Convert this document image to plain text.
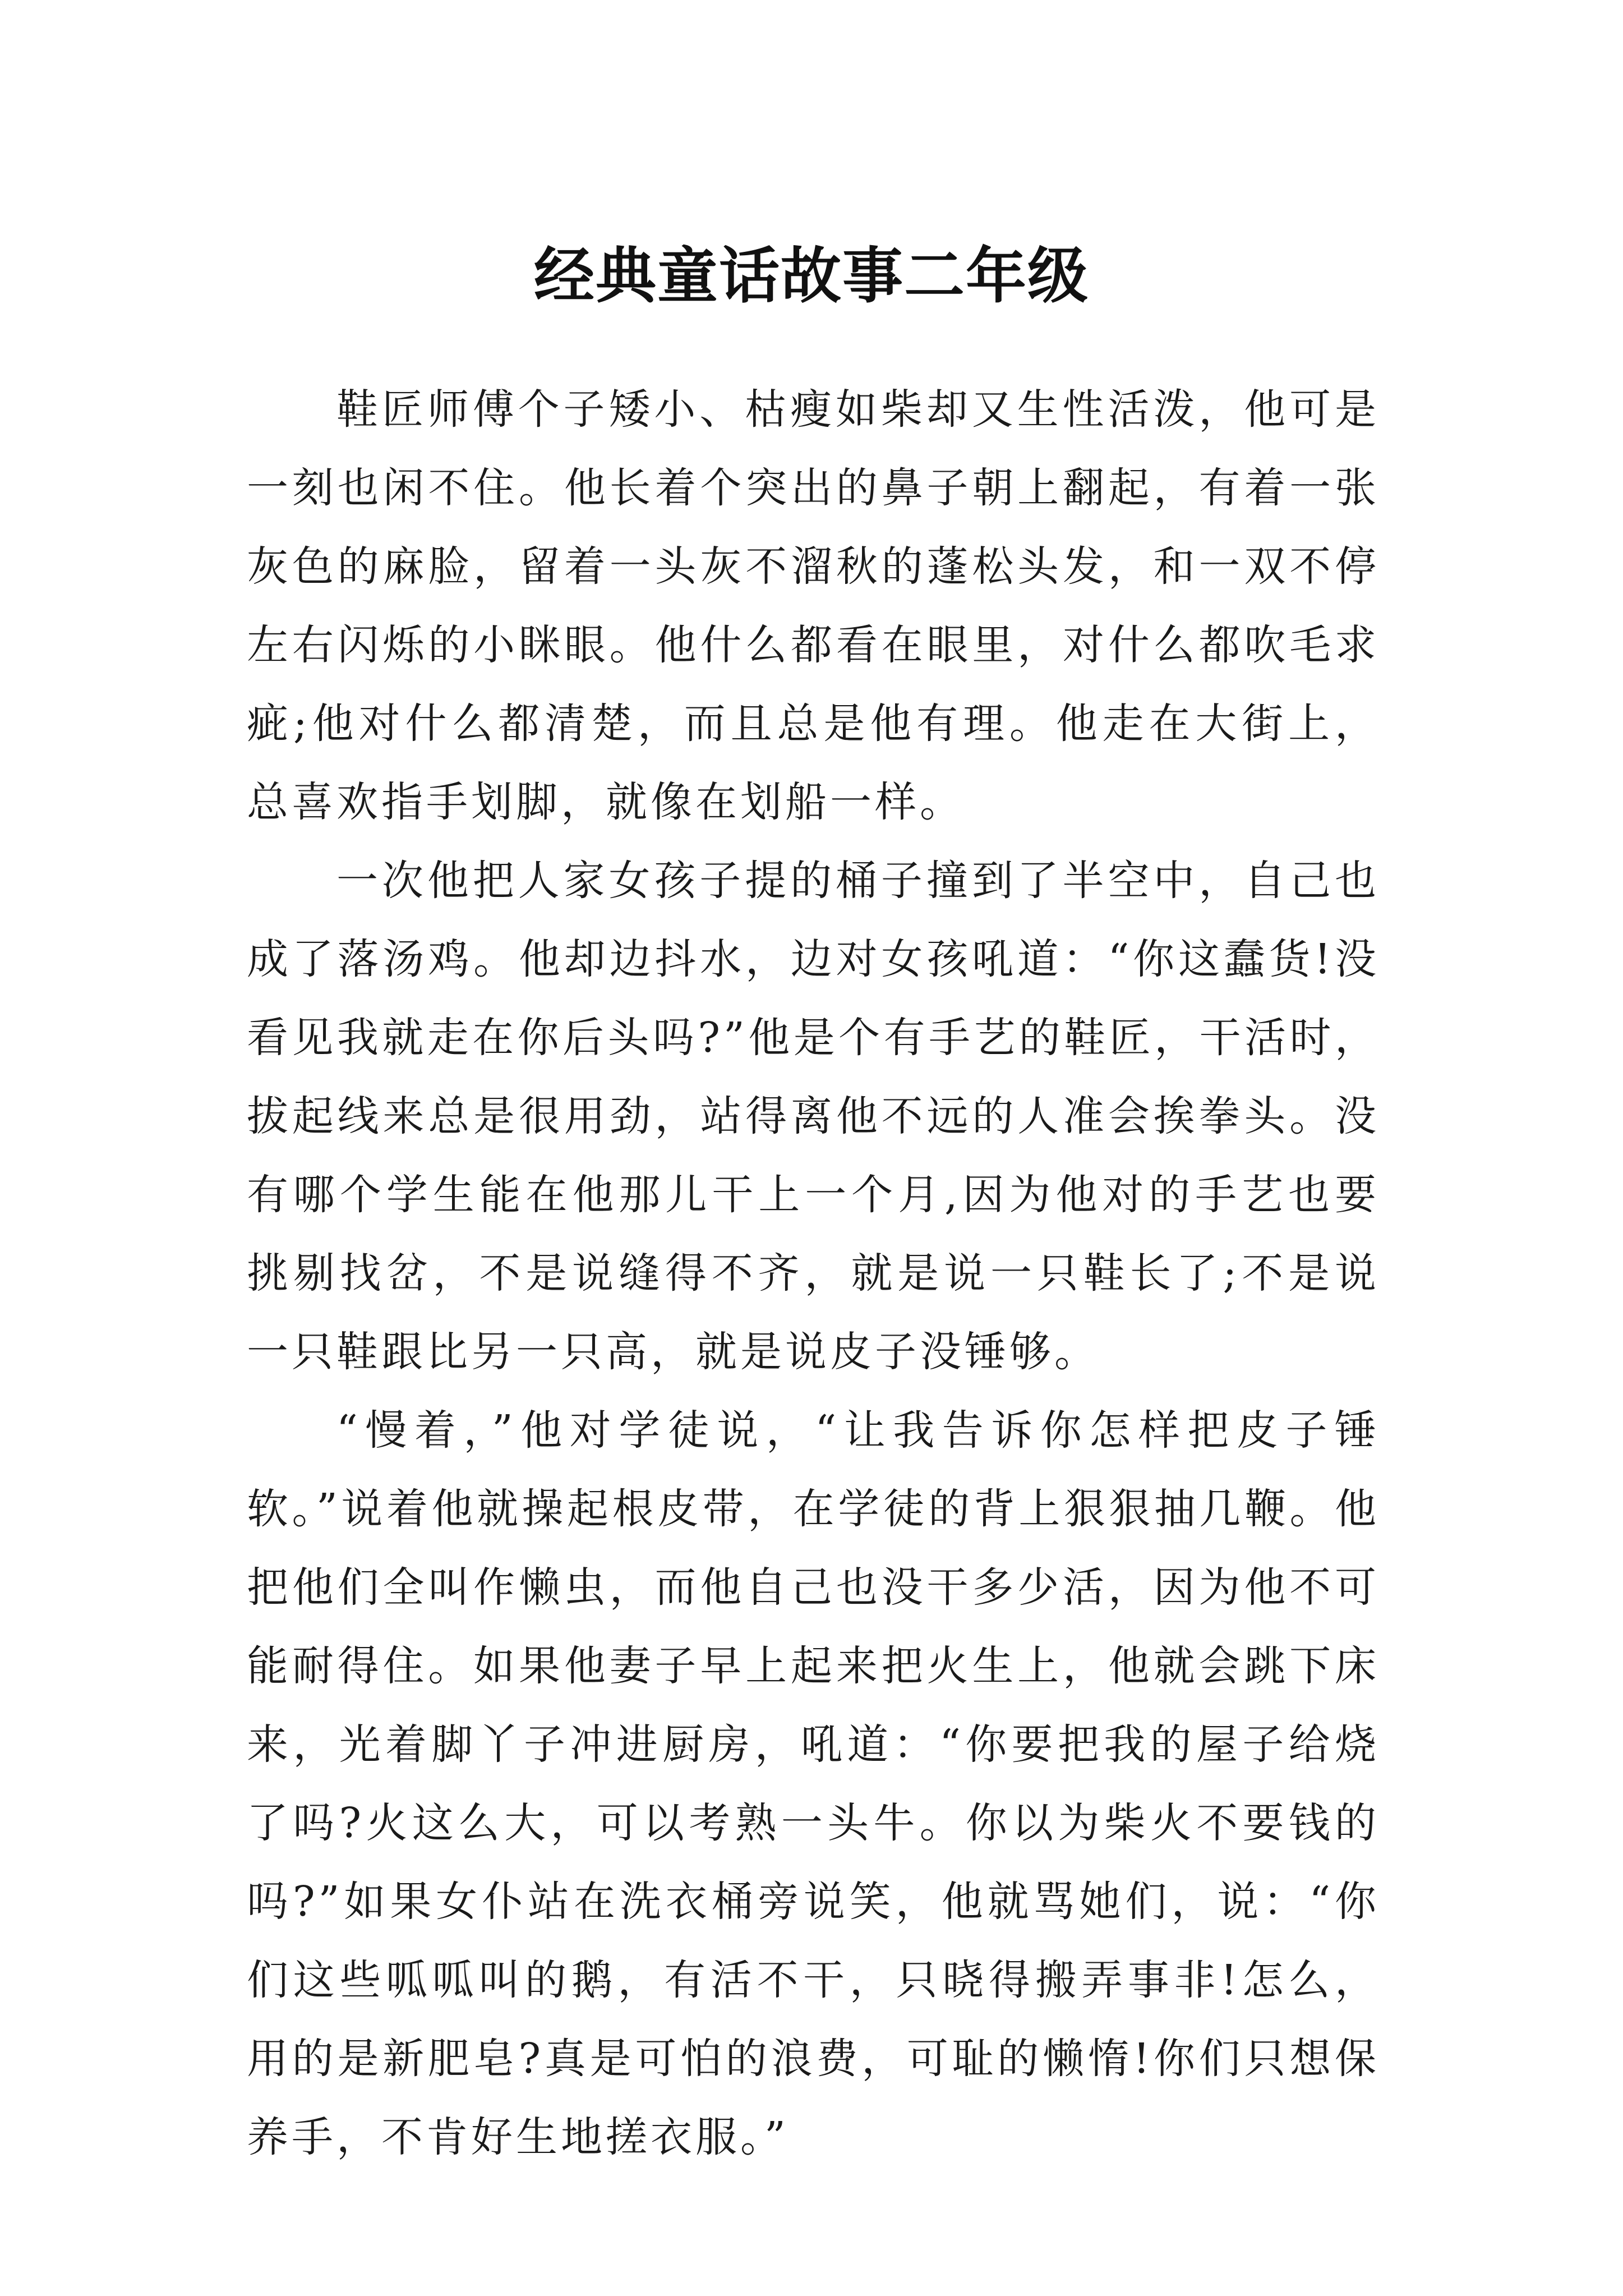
经典童话故事二年级

鞋匠师傅个子矮小、枯瘦如柴却又生性活泼，他可是一刻也闲不住。他长着个突出的鼻子朝上翻起，有着一张灰色的麻脸，留着一头灰不溜秋的蓬松头发，和一双不停左右闪烁的小眯眼。他什么都看在眼里，对什么都吹毛求疵;他对什么都清楚，而且总是他有理。他走在大街上，总喜欢指手划脚，就像在划船一样。

一次他把人家女孩子提的桶子撞到了半空中，自己也成了落汤鸡。他却边抖水，边对女孩吼道：“你这蠢货!没看见我就走在你后头吗?”他是个有手艺的鞋匠，干活时，拔起线来总是很用劲，站得离他不远的人准会挨拳头。没有哪个学生能在他那儿干上一个月,因为他对的手艺也要挑剔找岔，不是说缝得不齐，就是说一只鞋长了;不是说一只鞋跟比另一只高，就是说皮子没锤够。

“慢着，”他对学徒说，“让我告诉你怎样把皮子锤软。”说着他就操起根皮带，在学徒的背上狠狠抽几鞭。他把他们全叫作懒虫，而他自己也没干多少活，因为他不可能耐得住。如果他妻子早上起来把火生上，他就会跳下床来，光着脚丫子冲进厨房，吼道：“你要把我的屋子给烧了吗?火这么大，可以考熟一头牛。你以为柴火不要钱的吗?”如果女仆站在洗衣桶旁说笑，他就骂她们，说：“你们这些呱呱叫的鹅，有活不干，只晓得搬弄事非!怎么，用的是新肥皂?真是可怕的浪费，可耻的懒惰!你们只想保养手，不肯好生地搓衣服。”
